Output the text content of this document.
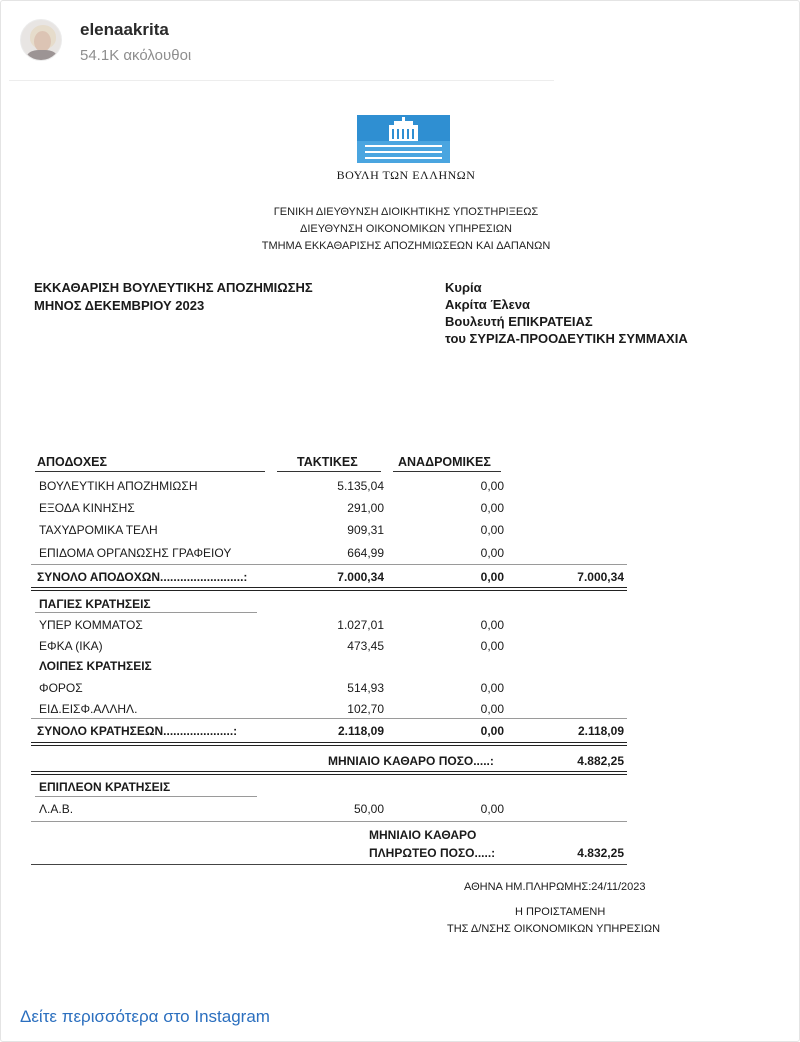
elenaakrita
54.1K ακόλουθοι
ΒΟΥΛΗ ΤΩΝ ΕΛΛΗΝΩΝ
ΓΕΝΙΚΗ ΔΙΕΥΘΥΝΣΗ ΔΙΟΙΚΗΤΙΚΗΣ ΥΠΟΣΤΗΡΙΞΕΩΣ
ΔΙΕΥΘΥΝΣΗ ΟΙΚΟΝΟΜΙΚΩΝ ΥΠΗΡΕΣΙΩΝ
ΤΜΗΜΑ ΕΚΚΑΘΑΡΙΣΗΣ ΑΠΟΖΗΜΙΩΣΕΩΝ ΚΑΙ ΔΑΠΑΝΩΝ
ΕΚΚΑΘΑΡΙΣΗ ΒΟΥΛΕΥΤΙΚΗΣ ΑΠΟΖΗΜΙΩΣΗΣ
ΜΗΝΟΣ ΔΕΚΕΜΒΡΙΟΥ 2023
Κυρία
Ακρίτα Έλενα
Βουλευτή ΕΠΙΚΡΑΤΕΙΑΣ
του ΣΥΡΙΖΑ-ΠΡΟΟΔΕΥΤΙΚΗ ΣΥΜΜΑΧΙΑ
ΑΠΟΔΟΧΕΣ	ΤΑΚΤΙΚΕΣ	ΑΝΑΔΡΟΜΙΚΕΣ
ΒΟΥΛΕΥΤΙΚΗ ΑΠΟΖΗΜΙΩΣΗ	5.135,04	0,00
ΕΞΟΔΑ ΚΙΝΗΣΗΣ	291,00	0,00
ΤΑΧΥΔΡΟΜΙΚΑ ΤΕΛΗ	909,31	0,00
ΕΠΙΔΟΜΑ ΟΡΓΑΝΩΣΗΣ ΓΡΑΦΕΙΟΥ	664,99	0,00
ΣΥΝΟΛΟ ΑΠΟΔΟΧΩΝ.........................:	7.000,34	0,00	7.000,34
ΠΑΓΙΕΣ ΚΡΑΤΗΣΕΙΣ
ΥΠΕΡ ΚΟΜΜΑΤΟΣ	1.027,01	0,00
ΕΦΚΑ (ΙΚΑ)	473,45	0,00
ΛΟΙΠΕΣ ΚΡΑΤΗΣΕΙΣ
ΦΟΡΟΣ	514,93	0,00
ΕΙΔ.ΕΙΣΦ.ΑΛΛΗΛ.	102,70	0,00
ΣΥΝΟΛΟ ΚΡΑΤΗΣΕΩΝ.....................:	2.118,09	0,00	2.118,09
ΜΗΝΙΑΙΟ ΚΑΘΑΡΟ ΠΟΣΟ.....:	4.882,25
ΕΠΙΠΛΕΟΝ ΚΡΑΤΗΣΕΙΣ
Λ.Α.Β.	50,00	0,00
ΜΗΝΙΑΙΟ ΚΑΘΑΡΟ
ΠΛΗΡΩΤΕΟ ΠΟΣΟ.....:	4.832,25
ΑΘΗΝΑ ΗΜ.ΠΛΗΡΩΜΗΣ:24/11/2023
Η ΠΡΟΙΣΤΑΜΕΝΗ
ΤΗΣ Δ/ΝΣΗΣ ΟΙΚΟΝΟΜΙΚΩΝ ΥΠΗΡΕΣΙΩΝ
Δείτε περισσότερα στο Instagram
